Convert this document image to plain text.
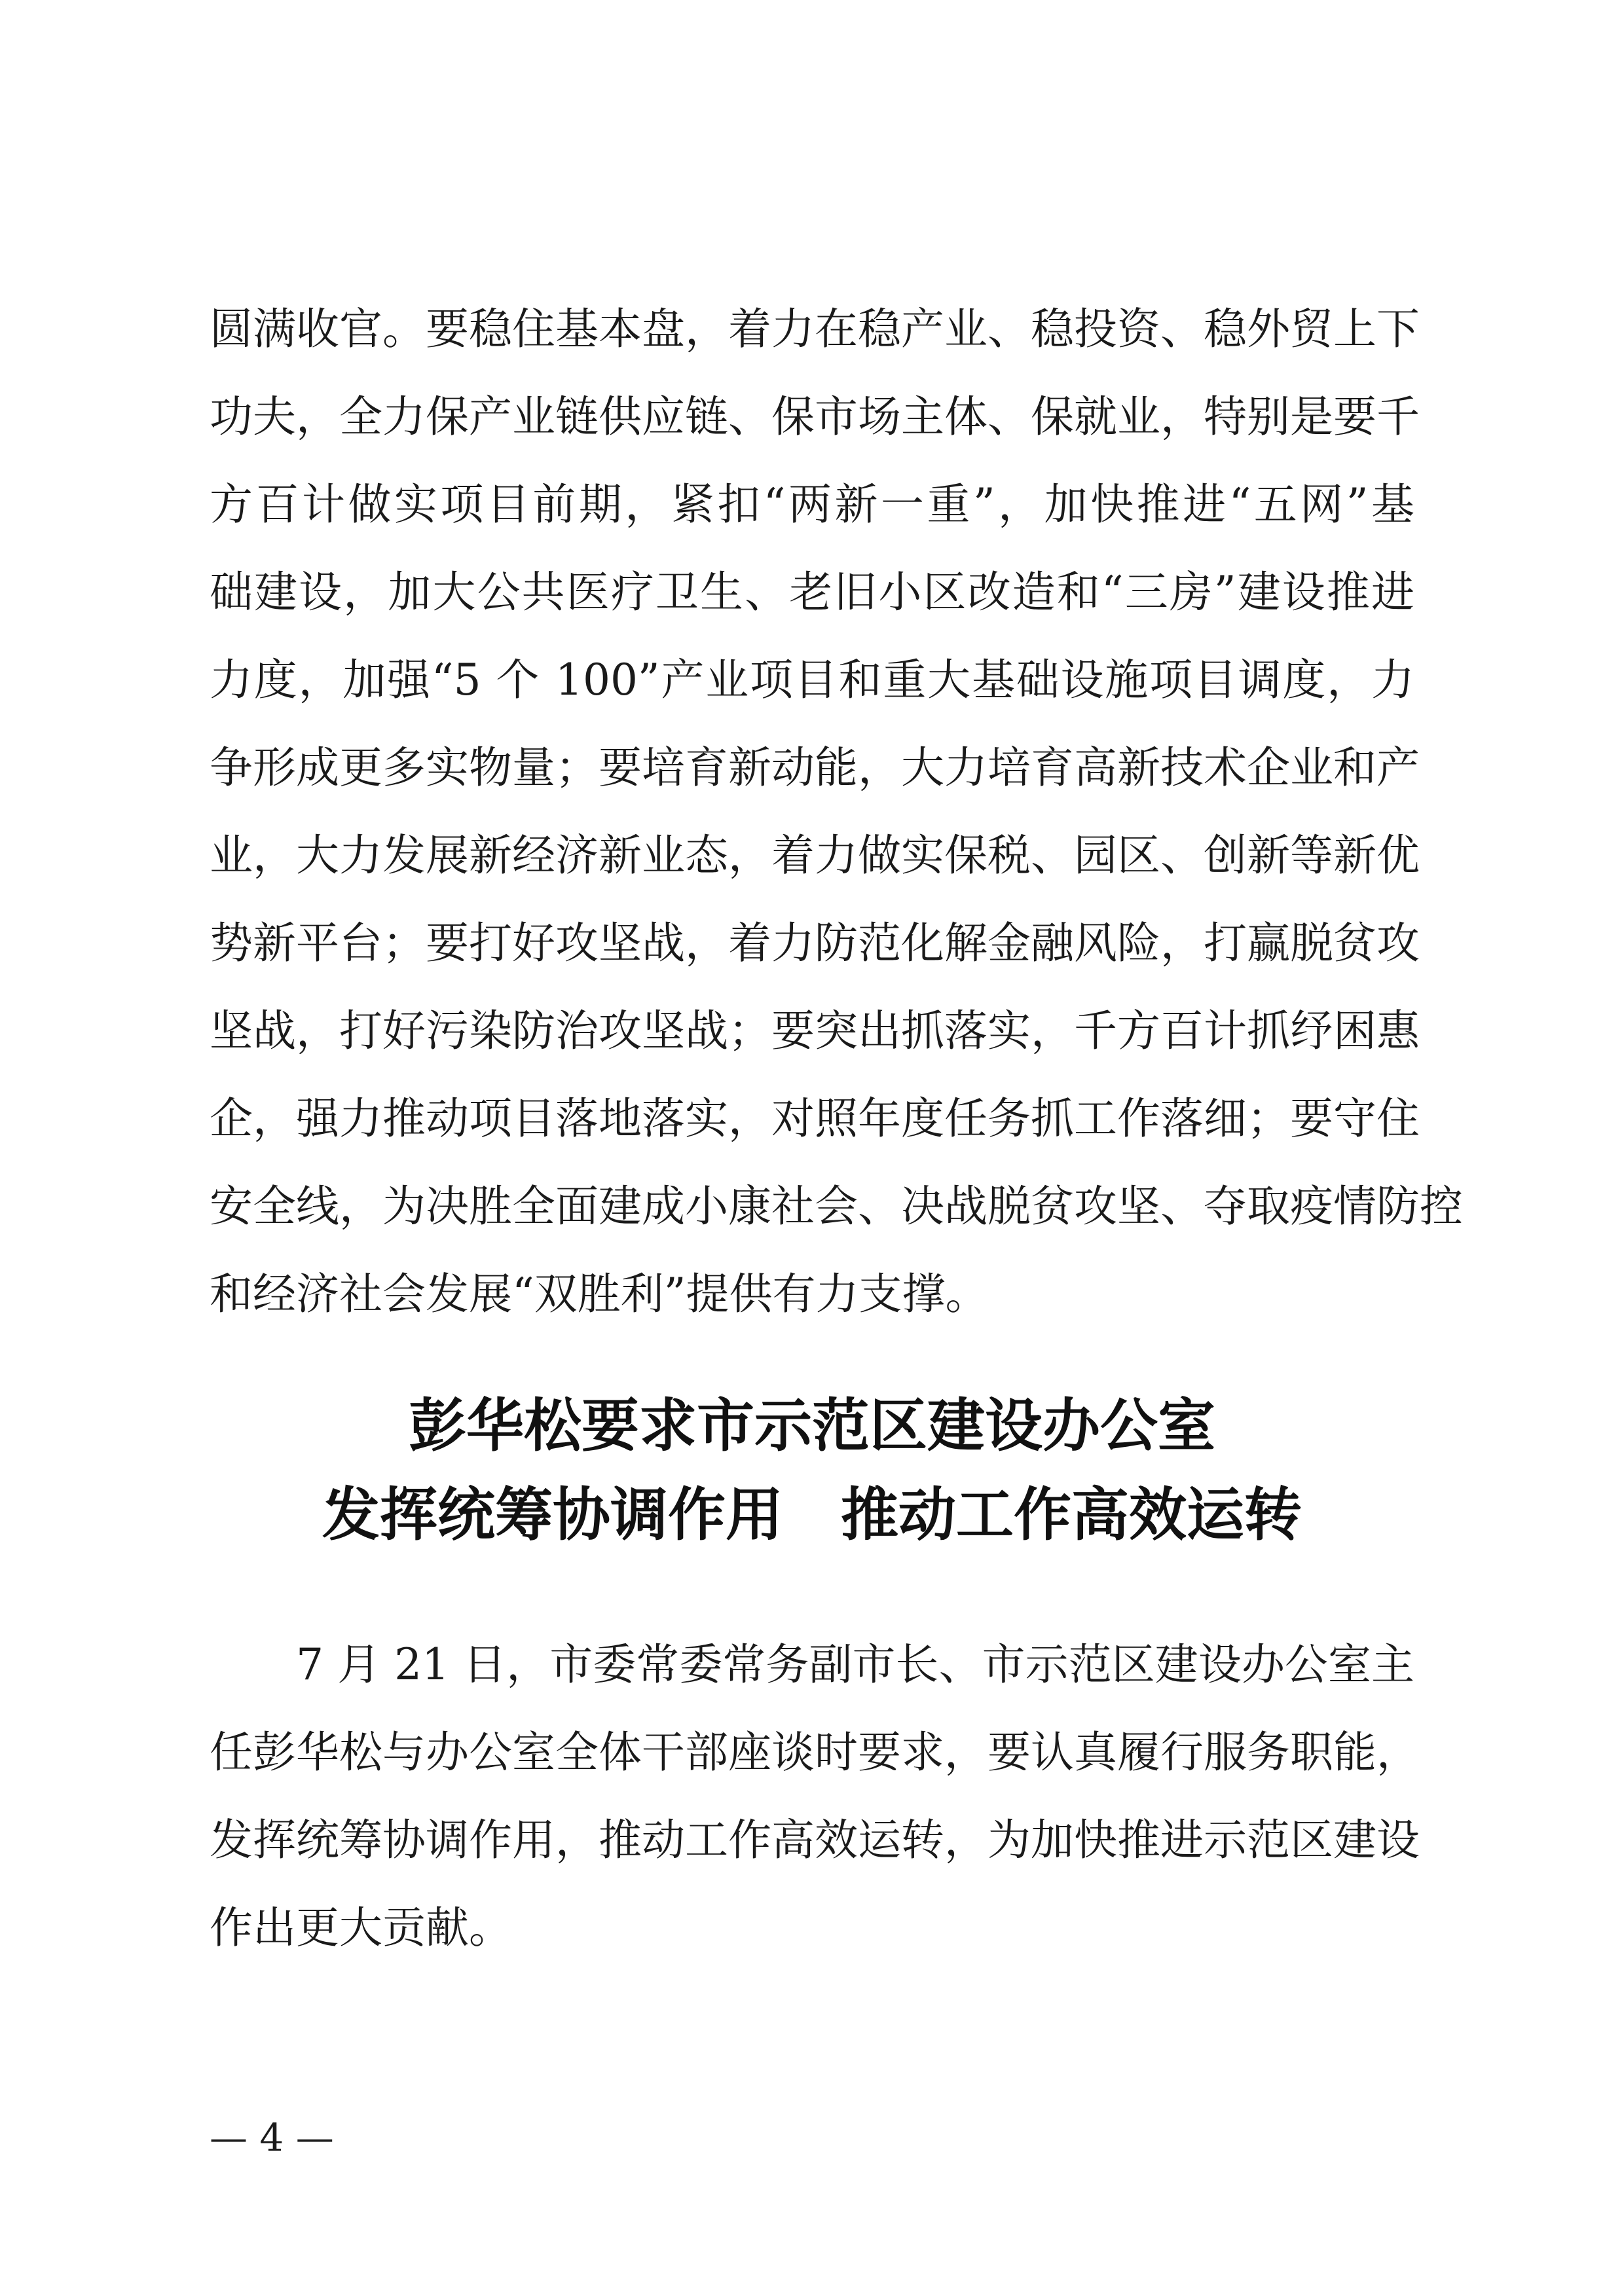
圆满收官。要稳住基本盘，着力在稳产业、稳投资、稳外贸上下
功夫，全力保产业链供应链、保市场主体、保就业，特别是要千
方百计做实项目前期，紧扣“两新一重”，加快推进“五网”基
础建设，加大公共医疗卫生、老旧小区改造和“三房”建设推进
力度，加强“5 个 100”产业项目和重大基础设施项目调度，力
争形成更多实物量；要培育新动能，大力培育高新技术企业和产
业，大力发展新经济新业态，着力做实保税、园区、创新等新优
势新平台；要打好攻坚战，着力防范化解金融风险，打赢脱贫攻
坚战，打好污染防治攻坚战；要突出抓落实，千方百计抓纾困惠
企，强力推动项目落地落实，对照年度任务抓工作落细；要守住
安全线，为决胜全面建成小康社会、决战脱贫攻坚、夺取疫情防控
和经济社会发展“双胜利”提供有力支撑。
彭华松要求市示范区建设办公室
发挥统筹协调作用　推动工作高效运转
　　7 月 21 日，市委常委常务副市长、市示范区建设办公室主
任彭华松与办公室全体干部座谈时要求，要认真履行服务职能，
发挥统筹协调作用，推动工作高效运转，为加快推进示范区建设
作出更大贡献。
— 4 —
